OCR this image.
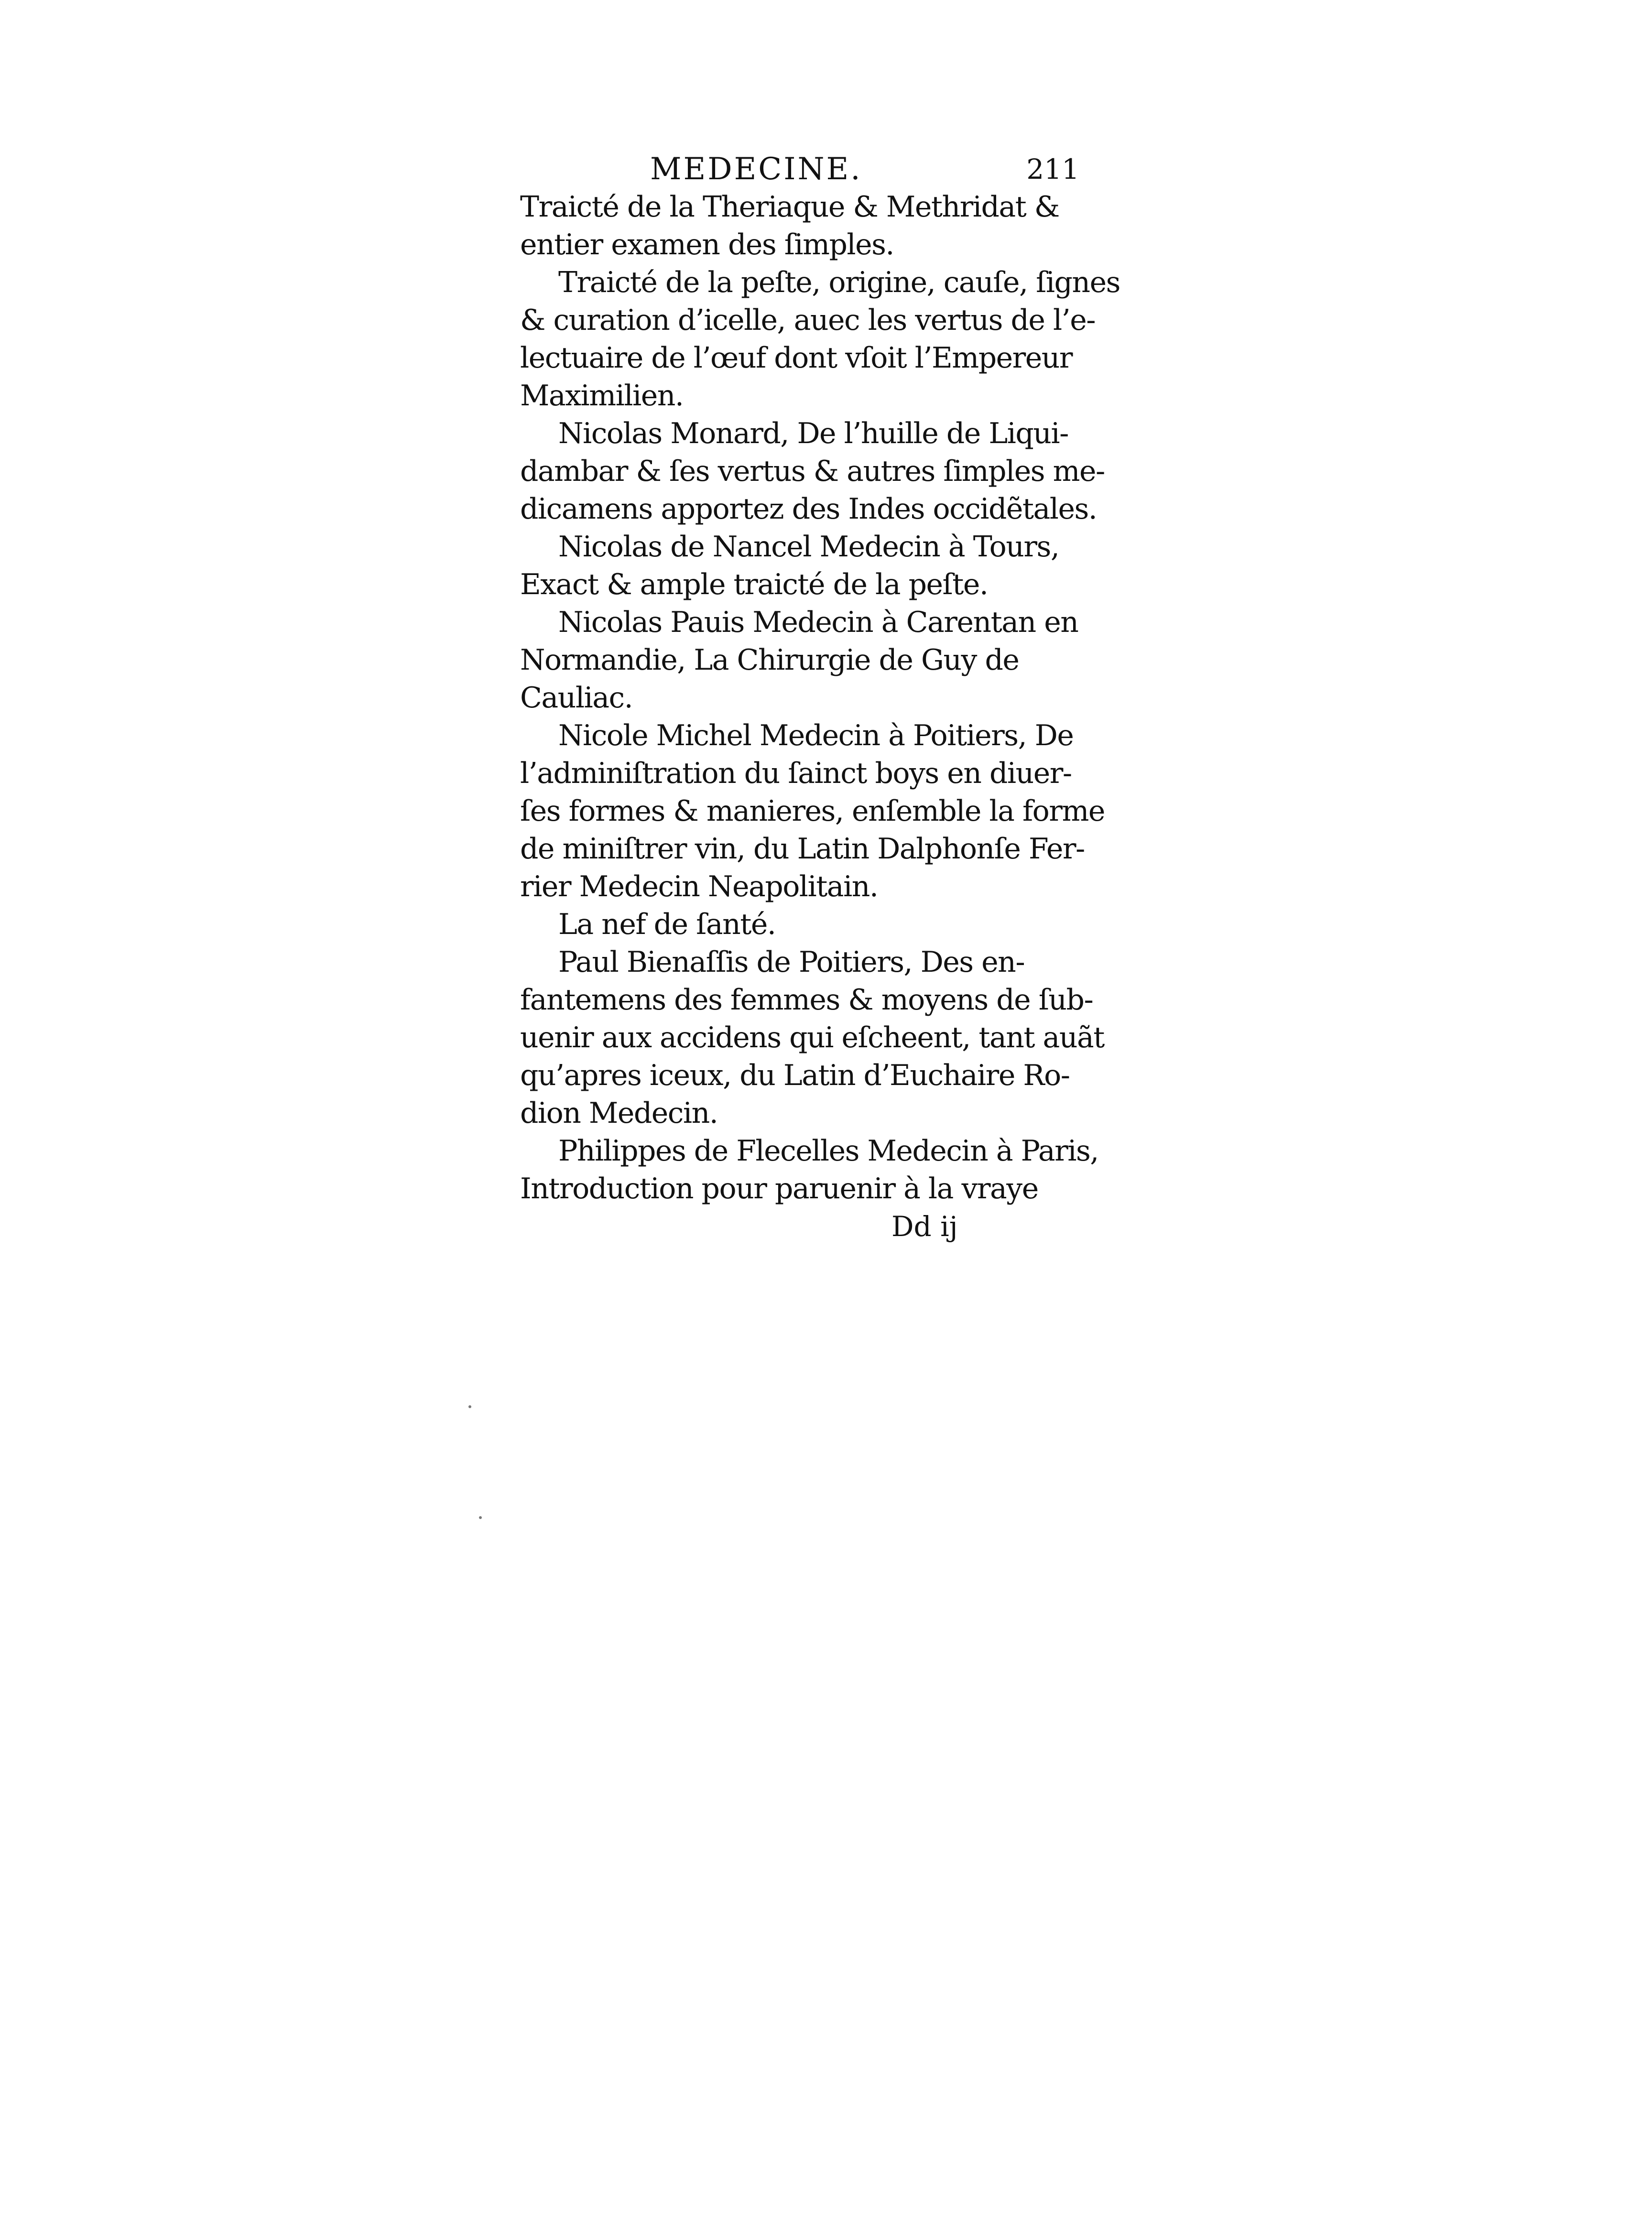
MEDECINE.	211
Traicté de la Theriaque & Methridat &
entier examen des ſimples.
Traicté de la peſte, origine, cauſe, ſignes
& curation d’icelle, auec les vertus de l’e-
lectuaire de l’œuf dont vſoit l’Empereur
Maximilien.
Nicolas Monard, De l’huille de Liqui-
dambar & ſes vertus & autres ſimples me-
dicamens apportez des Indes occidẽtales.
Nicolas de Nancel Medecin à Tours,
Exact & ample traicté de la peſte.
Nicolas Pauis Medecin à Carentan en
Normandie, La Chirurgie de Guy de
Cauliac.
Nicole Michel Medecin à Poitiers, De
l’adminiſtration du ſainct boys en diuer-
ſes formes & manieres, enſemble la forme
de miniſtrer vin, du Latin Dalphonſe Fer-
rier Medecin Neapolitain.
La nef de ſanté.
Paul Bienaſſis de Poitiers, Des en-
fantemens des femmes & moyens de ſub-
uenir aux accidens qui eſcheent, tant auãt
qu’apres iceux, du Latin d’Euchaire Ro-
dion Medecin.
Philippes de Flecelles Medecin à Paris,
Introduction pour paruenir à la vraye
Dd ij
